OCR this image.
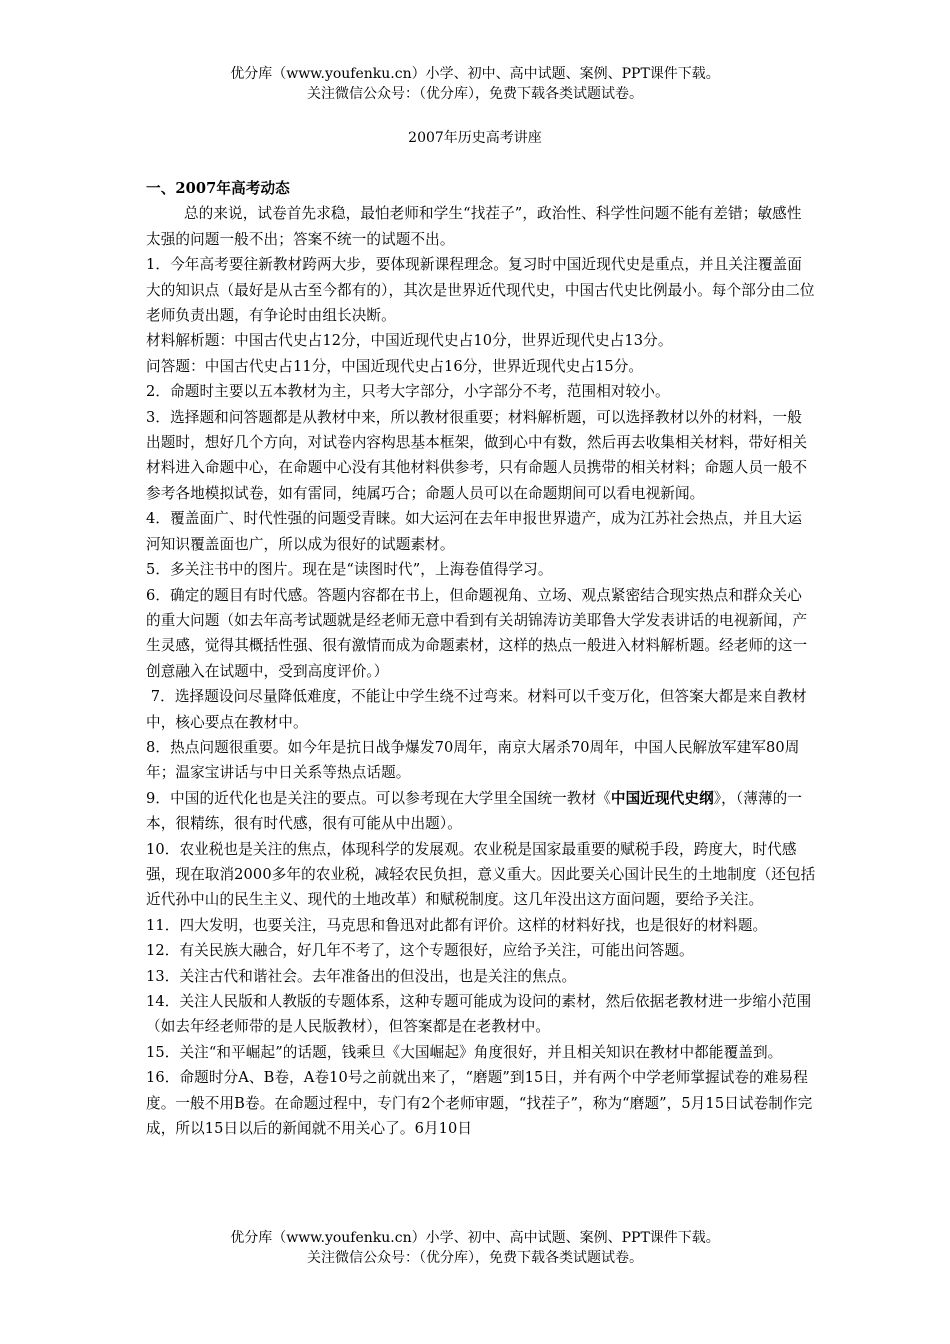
优分库（www.youfenku.cn）小学、初中、高中试题、案例、PPT课件下载。
关注微信公众号：（优分库），免费下载各类试题试卷。
2007年历史高考讲座

一、2007年高考动态

总的来说，试卷首先求稳，最怕老师和学生“找茬子”，政治性、科学性问题不能有差错；敏感性太强的问题一般不出；答案不统一的试题不出。

1．今年高考要往新教材跨两大步，要体现新课程理念。复习时中国近现代史是重点，并且关注覆盖面大的知识点（最好是从古至今都有的），其次是世界近代现代史，中国古代史比例最小。每个部分由二位老师负责出题，有争论时由组长决断。

材料解析题：中国古代史占12分，中国近现代史占10分，世界近现代史占13分。

问答题：中国古代史占11分，中国近现代史占16分，世界近现代史占15分。

2．命题时主要以五本教材为主，只考大字部分，小字部分不考，范围相对较小。

3．选择题和问答题都是从教材中来，所以教材很重要；材料解析题，可以选择教材以外的材料，一般出题时，想好几个方向，对试卷内容构思基本框架，做到心中有数，然后再去收集相关材料，带好相关材料进入命题中心，在命题中心没有其他材料供参考，只有命题人员携带的相关材料；命题人员一般不参考各地模拟试卷，如有雷同，纯属巧合；命题人员可以在命题期间可以看电视新闻。

4．覆盖面广、时代性强的问题受青睐。如大运河在去年申报世界遗产，成为江苏社会热点，并且大运河知识覆盖面也广，所以成为很好的试题素材。

5．多关注书中的图片。现在是“读图时代”，上海卷值得学习。

6．确定的题目有时代感。答题内容都在书上，但命题视角、立场、观点紧密结合现实热点和群众关心的重大问题（如去年高考试题就是经老师无意中看到有关胡锦涛访美耶鲁大学发表讲话的电视新闻，产生灵感，觉得其概括性强、很有激情而成为命题素材，这样的热点一般进入材料解析题。经老师的这一创意融入在试题中，受到高度评价。）

7．选择题设问尽量降低难度，不能让中学生绕不过弯来。材料可以千变万化，但答案大都是来自教材中，核心要点在教材中。

8．热点问题很重要。如今年是抗日战争爆发70周年，南京大屠杀70周年，中国人民解放军建军80周年；温家宝讲话与中日关系等热点话题。

9．中国的近代化也是关注的要点。可以参考现在大学里全国统一教材《中国近现代史纲》，（薄薄的一本，很精练，很有时代感，很有可能从中出题）。

10．农业税也是关注的焦点，体现科学的发展观。农业税是国家最重要的赋税手段，跨度大，时代感强，现在取消2000多年的农业税，减轻农民负担，意义重大。因此要关心国计民生的土地制度（还包括近代孙中山的民生主义、现代的土地改革）和赋税制度。这几年没出这方面问题，要给予关注。

11．四大发明，也要关注，马克思和鲁迅对此都有评价。这样的材料好找，也是很好的材料题。

12．有关民族大融合，好几年不考了，这个专题很好，应给予关注，可能出问答题。

13．关注古代和谐社会。去年准备出的但没出，也是关注的焦点。

14．关注人民版和人教版的专题体系，这种专题可能成为设问的素材，然后依据老教材进一步缩小范围（如去年经老师带的是人民版教材），但答案都是在老教材中。

15．关注“和平崛起”的话题，钱乘旦《大国崛起》角度很好，并且相关知识在教材中都能覆盖到。

16．命题时分A、B卷，A卷10号之前就出来了，“磨题”到15日，并有两个中学老师掌握试卷的难易程度。一般不用B卷。在命题过程中，专门有2个老师审题，“找茬子”，称为“磨题”，5月15日试卷制作完成，所以15日以后的新闻就不用关心了。6月10日

优分库（www.youfenku.cn）小学、初中、高中试题、案例、PPT课件下载。
关注微信公众号：（优分库），免费下载各类试题试卷。
